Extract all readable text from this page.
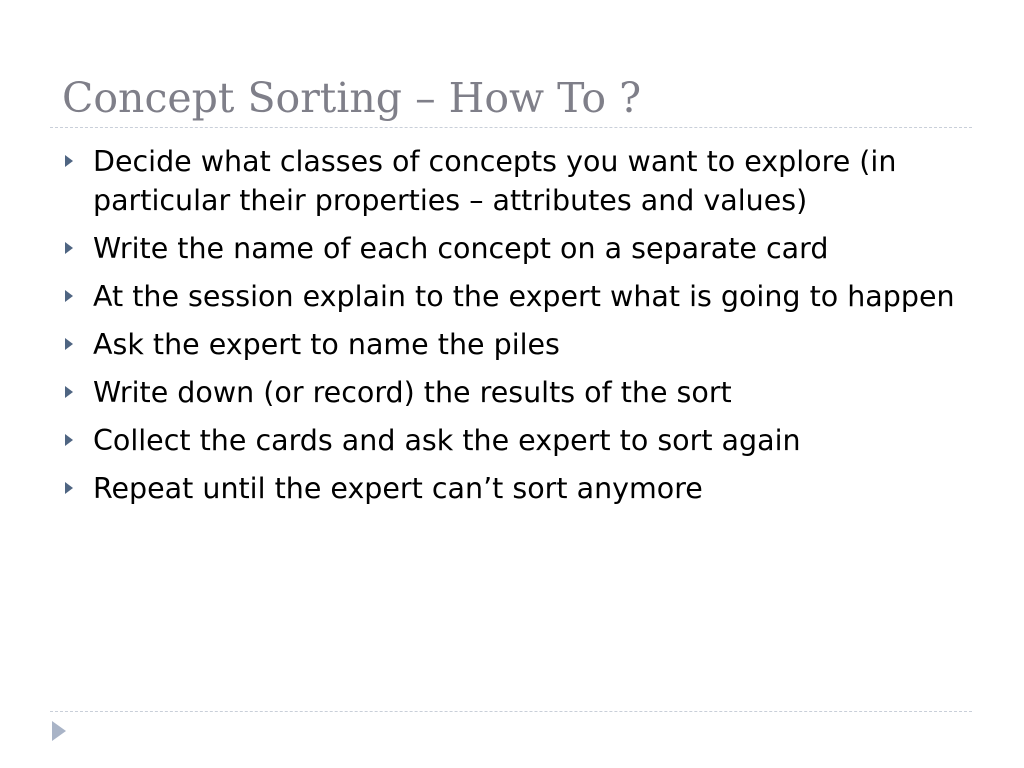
Concept Sorting – How To ?
Decide what classes of concepts you want to explore (in particular their properties – attributes and values)
Write the name of each concept on a separate card
At the session explain to the expert what is going to happen
Ask the expert to name the piles
Write down (or record) the results of the sort
Collect the cards and ask the expert to sort again
Repeat until the expert can’t sort anymore
